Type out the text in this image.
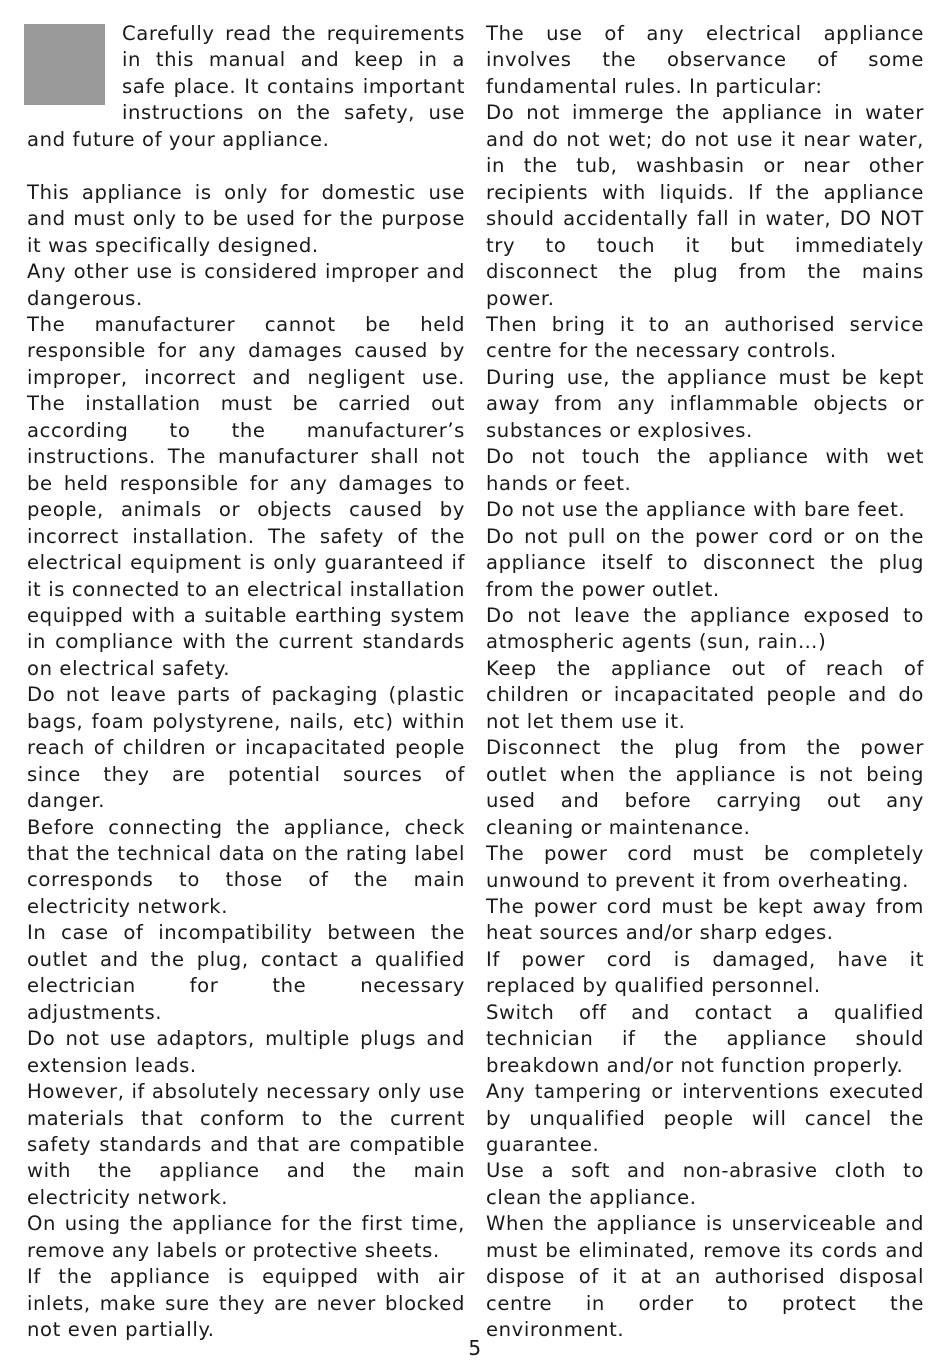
Carefully read the requirements in this manual and keep in a safe place. It contains important instructions on the safety, use and future of your appliance.

This appliance is only for domestic use and must only to be used for the purpose it was specifically designed.

Any other use is considered improper and dangerous.

The manufacturer cannot be held responsible for any damages caused by improper, incorrect and negligent use. The installation must be carried out according to the manufacturer’s instructions. The manufacturer shall not be held responsible for any damages to people, animals or objects caused by incorrect installation. The safety of the electrical equipment is only guaranteed if it is connected to an electrical installation equipped with a suitable earthing system in compliance with the current standards on electrical safety.

Do not leave parts of packaging (plastic bags, foam polystyrene, nails, etc) within reach of children or incapacitated people since they are potential sources of danger.

Before connecting the appliance, check that the technical data on the rating label corresponds to those of the main electricity network.

In case of incompatibility between the outlet and the plug, contact a qualified electrician for the necessary adjustments.

Do not use adaptors, multiple plugs and extension leads.

However, if absolutely necessary only use materials that conform to the current safety standards and that are compatible with the appliance and the main electricity network.

On using the appliance for the first time, remove any labels or protective sheets.

If the appliance is equipped with air inlets, make sure they are never blocked not even partially.

The use of any electrical appliance involves the observance of some fundamental rules. In particular:

Do not immerge the appliance in water and do not wet; do not use it near water, in the tub, washbasin or near other recipients with liquids. If the appliance should accidentally fall in water, DO NOT try to touch it but immediately disconnect the plug from the mains power.

Then bring it to an authorised service centre for the necessary controls.

During use, the appliance must be kept away from any inflammable objects or substances or explosives.

Do not touch the appliance with wet hands or feet.

Do not use the appliance with bare feet.

Do not pull on the power cord or on the appliance itself to disconnect the plug from the power outlet.

Do not leave the appliance exposed to atmospheric agents (sun, rain…)

Keep the appliance out of reach of children or incapacitated people and do not let them use it.

Disconnect the plug from the power outlet when the appliance is not being used and before carrying out any cleaning or maintenance.

The power cord must be completely unwound to prevent it from overheating.

The power cord must be kept away from heat sources and/or sharp edges.

If power cord is damaged, have it replaced by qualified personnel.

Switch off and contact a qualified technician if the appliance should breakdown and/or not function properly.

Any tampering or interventions executed by unqualified people will cancel the guarantee.

Use a soft and non-abrasive cloth to clean the appliance.

When the appliance is unserviceable and must be eliminated, remove its cords and dispose of it at an authorised disposal centre in order to protect the environment.

5
